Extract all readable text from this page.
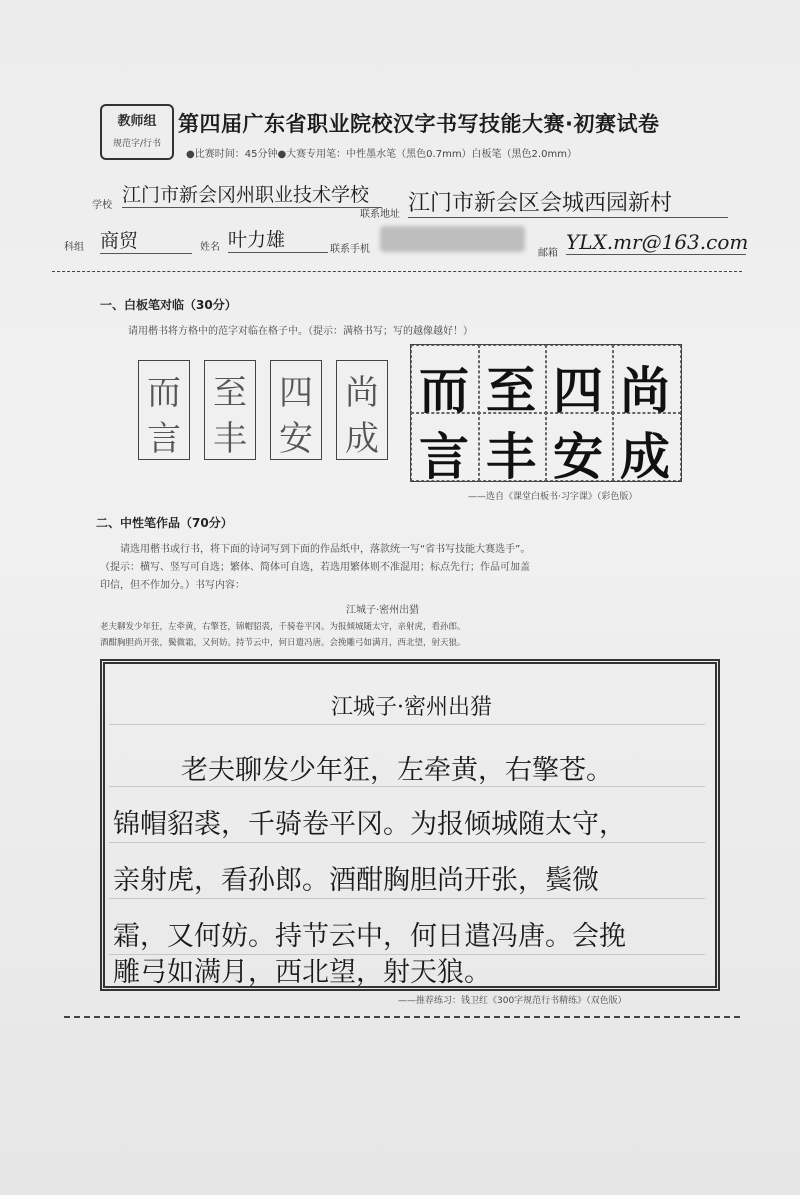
教师组
规范字/行书
第四届广东省职业院校汉字书写技能大赛·初赛试卷
●比赛时间：45分钟●大赛专用笔：中性墨水笔（黑色0.7mm）白板笔（黑色2.0mm）
学校 江门市新会冈州职业技术学校
联系地址 江门市新会区会城西园新村
科组 商贸	姓名 叶力雄	联系手机	邮箱 YLX.mr@163.com
一、白板笔对临（30分）
请用楷书将方格中的范字对临在格子中。（提示：满格书写；写的越像越好！）
而
言
至
丰
四
安
尚
成
而 至 四 尚
言 丰 安 成
——选自《课堂白板书·习字课》（彩色版）
二、中性笔作品（70分）
请选用楷书或行书，将下面的诗词写到下面的作品纸中，落款统一写“省书写技能大赛选手”。
（提示：横写、竖写可自选；繁体、简体可自选，若选用繁体则不准混用；标点先行；作品可加盖
印信，但不作加分。）书写内容：
江城子·密州出猎
老夫聊发少年狂，左牵黄，右擎苍，锦帽貂裘，千骑卷平冈。为报倾城随太守，亲射虎，看孙郎。
酒酣胸胆尚开张，鬓微霜，又何妨。持节云中，何日遣冯唐。会挽雕弓如满月，西北望，射天狼。
江城子·密州出猎
老夫聊发少年狂，左牵黄，右擎苍。
锦帽貂裘，千骑卷平冈。为报倾城随太守，
亲射虎，看孙郎。酒酣胸胆尚开张，鬓微
霜，又何妨。持节云中，何日遣冯唐。会挽
雕弓如满月，西北望，射天狼。
——推荐练习：钱卫红《300字规范行书精练》（双色版）
